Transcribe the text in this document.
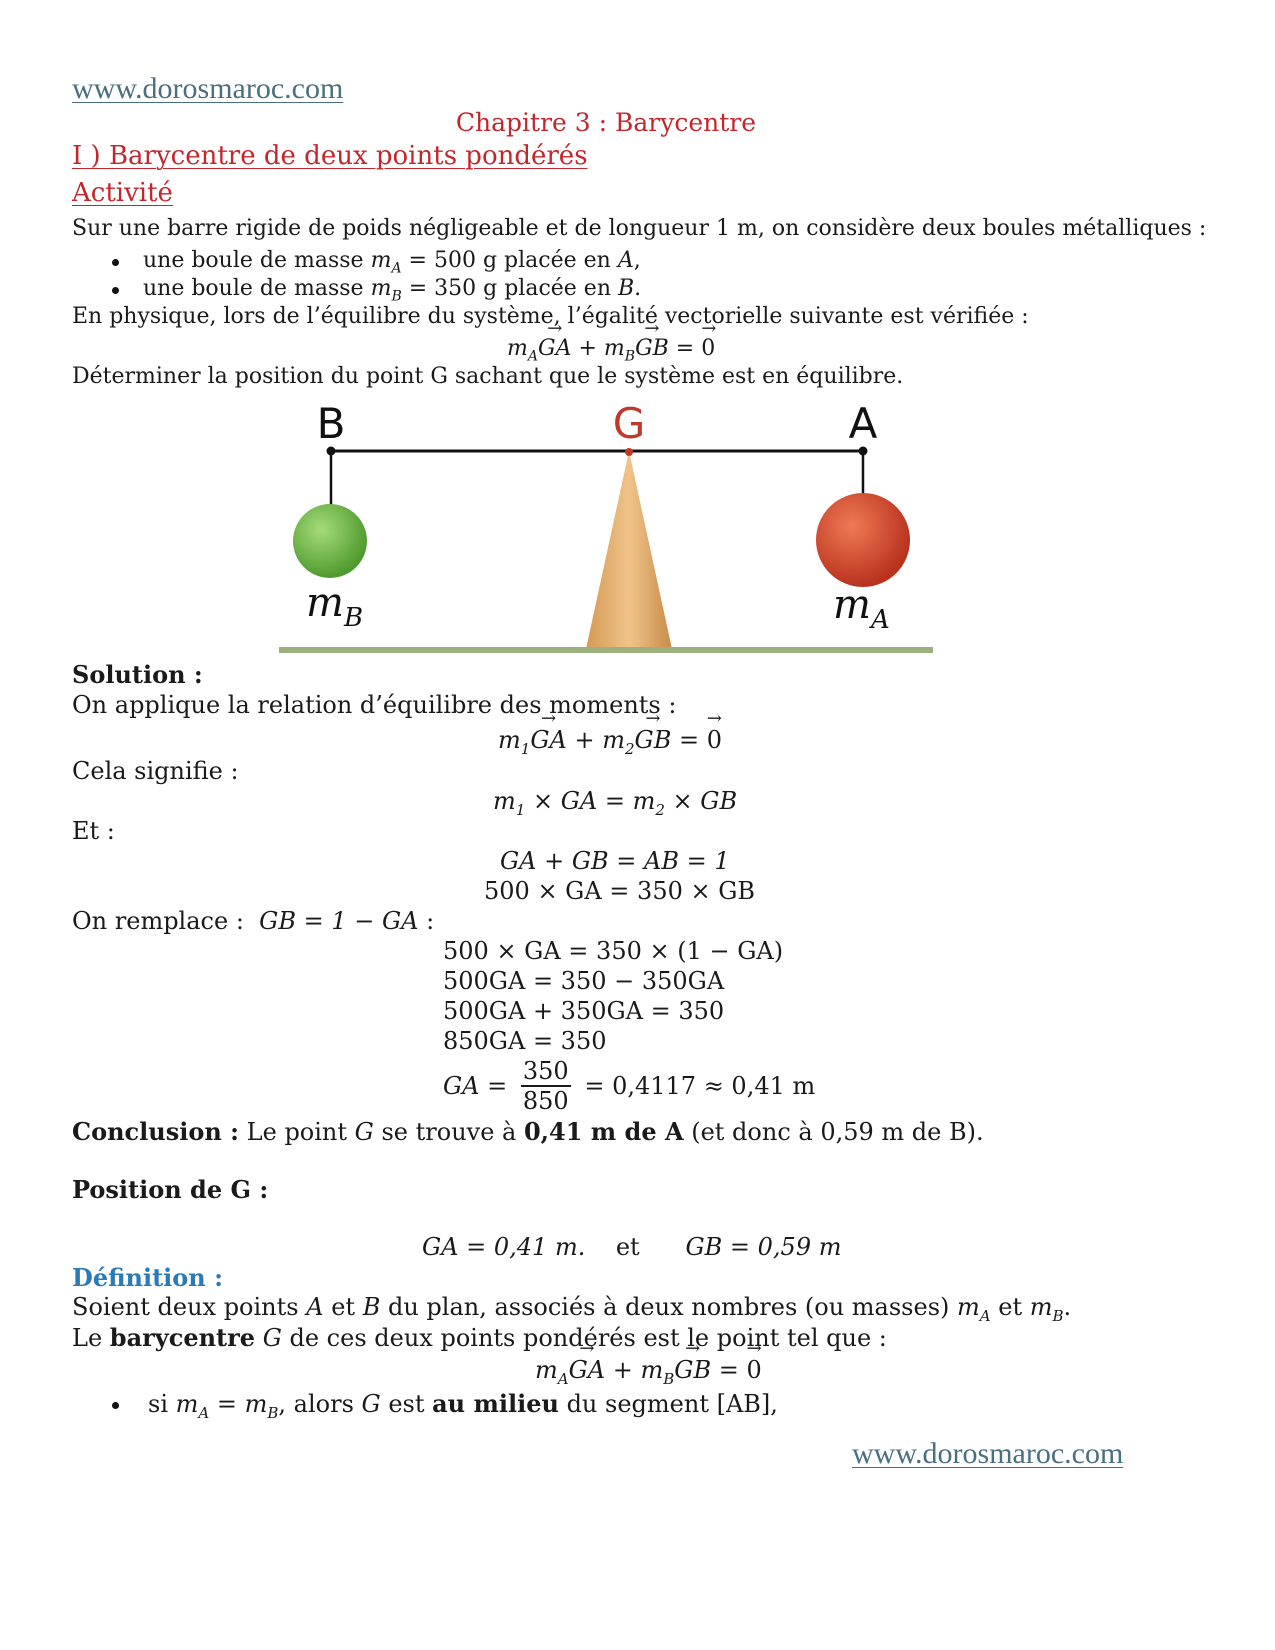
www.dorosmaroc.com
Chapitre 3 : Barycentre
I ) Barycentre de deux points pondérés
Activité
Sur une barre rigide de poids négligeable et de longueur 1 m, on considère deux boules métalliques :
une boule de masse $m_A = 500$ g placée en A,
une boule de masse $m_B = 350$ g placée en B.
En physique, lors de l’équilibre du système, l’égalité vectorielle suivante est vérifiée :
$m_A\to$ GA + $m_B\to$ GB = → 0
Déterminer la position du point G sachant que le système est en équilibre.
B	G	A
$m_B$	$m_A$
Solution :
On applique la relation d’équilibre des moments :
$m_1\to$ GA + $m_2\to$ GB = → 0
Cela signifie :
$m_1$ × GA = $m_2$ × GB
Et :
GA + GB = AB = 1
500 × GA = 350 × GB
On remplace : GB = 1 − GA :
500 × GA = 350 × (1 − GA)
500GA = 350 − 350GA
500GA + 350GA = 350
850GA = 350
GA = $\frac{350}{850} = 0,4117 \approx 0,41$ m
Conclusion : Le point G se trouve à 0,41 m de A (et donc à 0,59 m de B).
Position de G :
GA = 0,41 m. et GB = 0,59 m
Définition :
Soient deux points A et B du plan, associés à deux nombres (ou masses) $m_A$ et $m_B$.
Le barycentre G de ces deux points pondérés est le point tel que :
$m_A\to$ GA + $m_B\to$ GB = → 0
si $m_A = m_B$, alors G est au milieu du segment [AB],
www.dorosmaroc.com
